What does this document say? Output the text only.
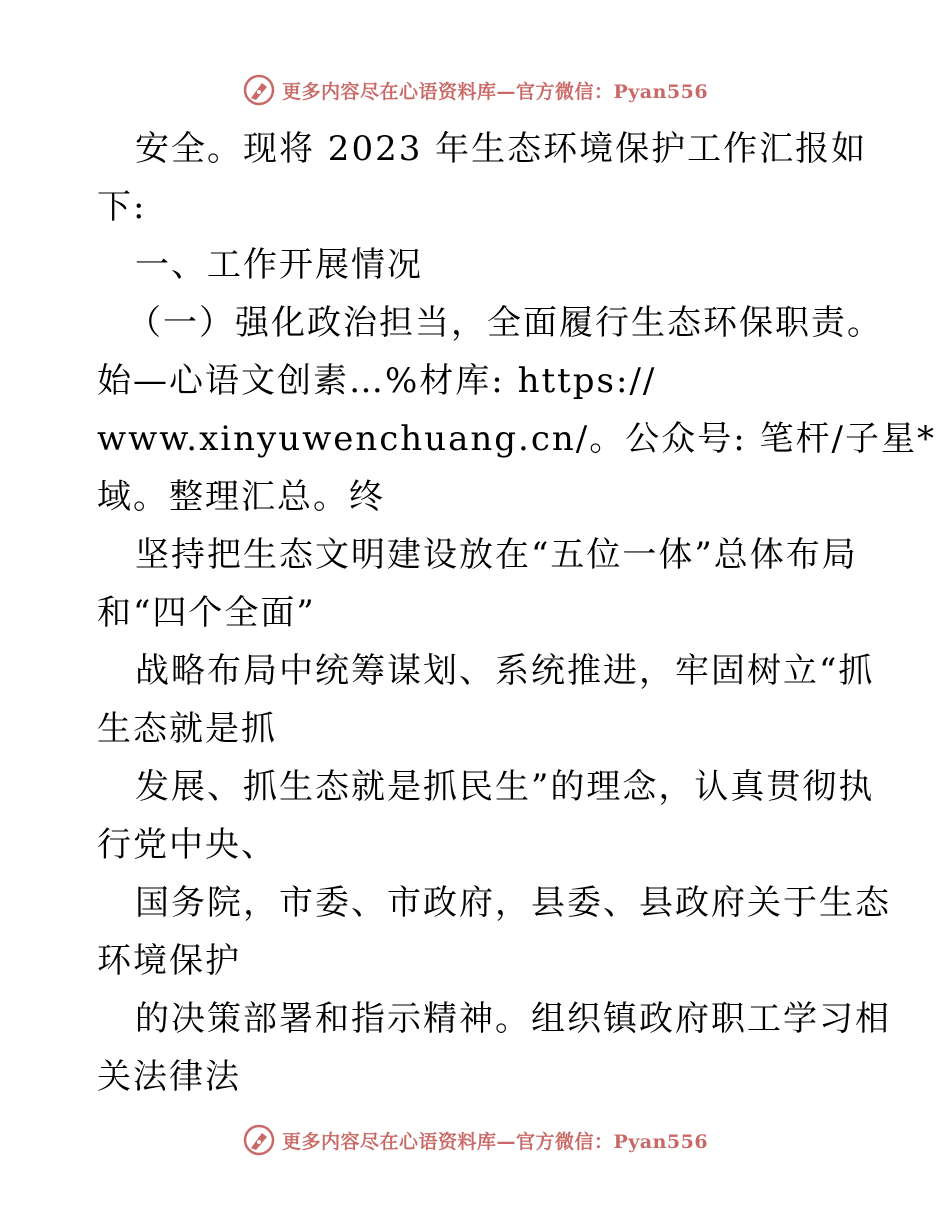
更多内容尽在心语资料库—官方微信：Pyan556
安全。现将 2023 年生态环境保护工作汇报如
下:
一、工作开展情况
（一）强化政治担当，全面履行生态环保职责。
始—心语文创素…%材库: https://
www.xinyuwenchuang.cn/。公众号: 笔杆/子星*
域。整理汇总。终
坚持把生态文明建设放在“五位一体”总体布局
和“四个全面”
战略布局中统筹谋划、系统推进，牢固树立“抓
生态就是抓
发展、抓生态就是抓民生”的理念，认真贯彻执
行党中央、
国务院，市委、市政府，县委、县政府关于生态
环境保护
的决策部署和指示精神。组织镇政府职工学习相
关法律法
更多内容尽在心语资料库—官方微信：Pyan556
